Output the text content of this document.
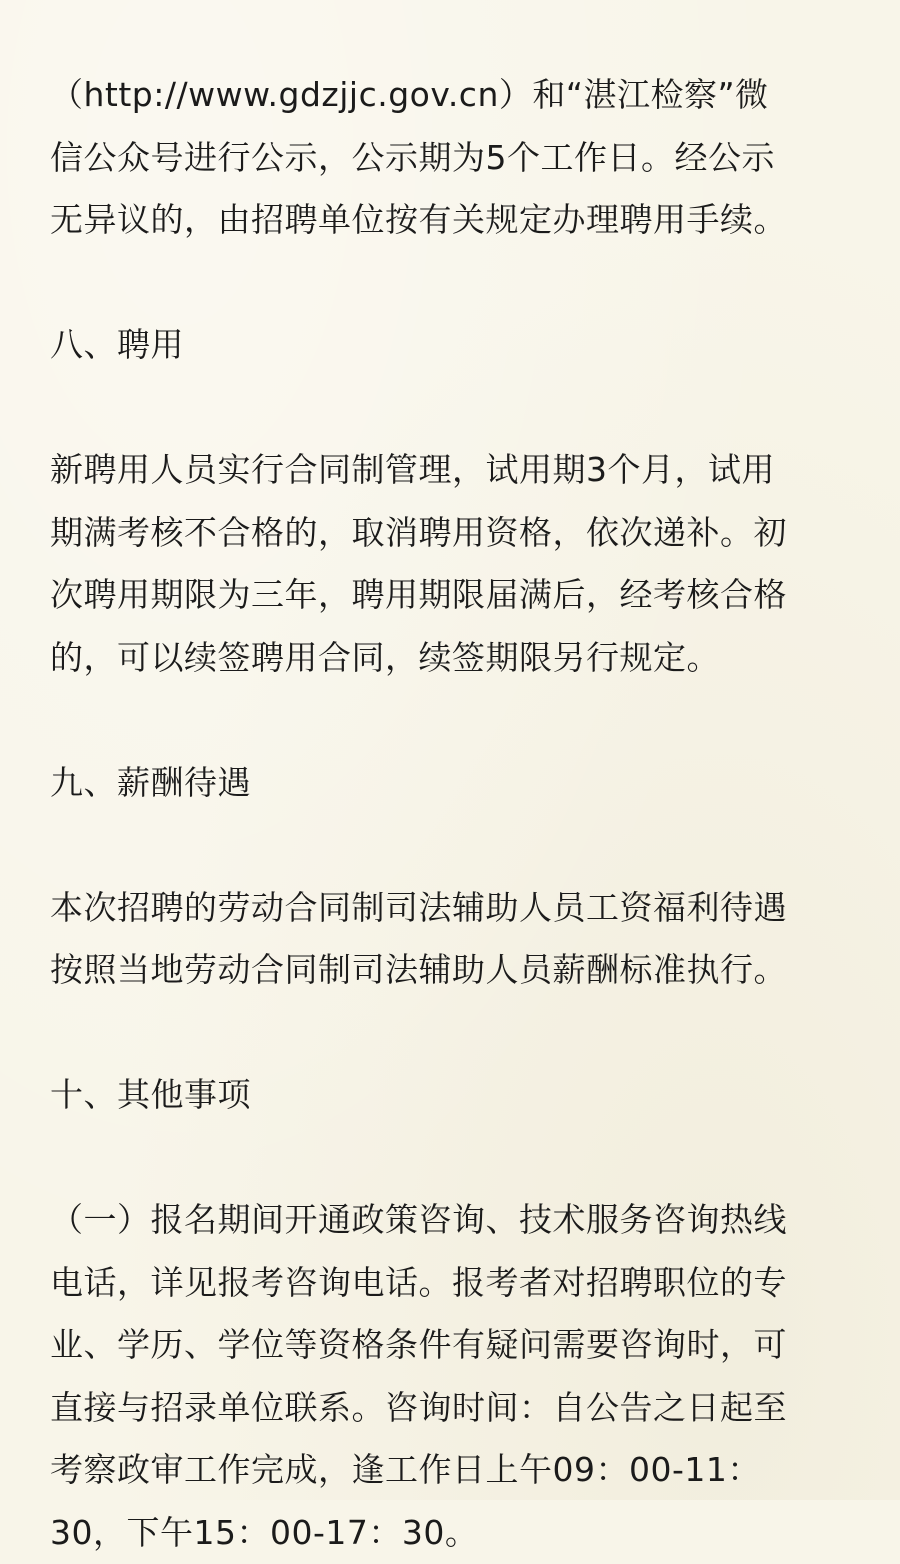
（http://www.gdzjjc.gov.cn）和“湛江检察”微
信公众号进行公示，公示期为5个工作日。经公示
无异议的，由招聘单位按有关规定办理聘用手续。

八、聘用

新聘用人员实行合同制管理，试用期3个月，试用
期满考核不合格的，取消聘用资格，依次递补。初
次聘用期限为三年，聘用期限届满后，经考核合格
的，可以续签聘用合同，续签期限另行规定。

九、薪酬待遇

本次招聘的劳动合同制司法辅助人员工资福利待遇
按照当地劳动合同制司法辅助人员薪酬标准执行。

十、其他事项

（一）报名期间开通政策咨询、技术服务咨询热线
电话，详见报考咨询电话。报考者对招聘职位的专
业、学历、学位等资格条件有疑问需要咨询时，可
直接与招录单位联系。咨询时间：自公告之日起至
考察政审工作完成，逢工作日上午09：00-11：
30，下午15：00-17：30。
